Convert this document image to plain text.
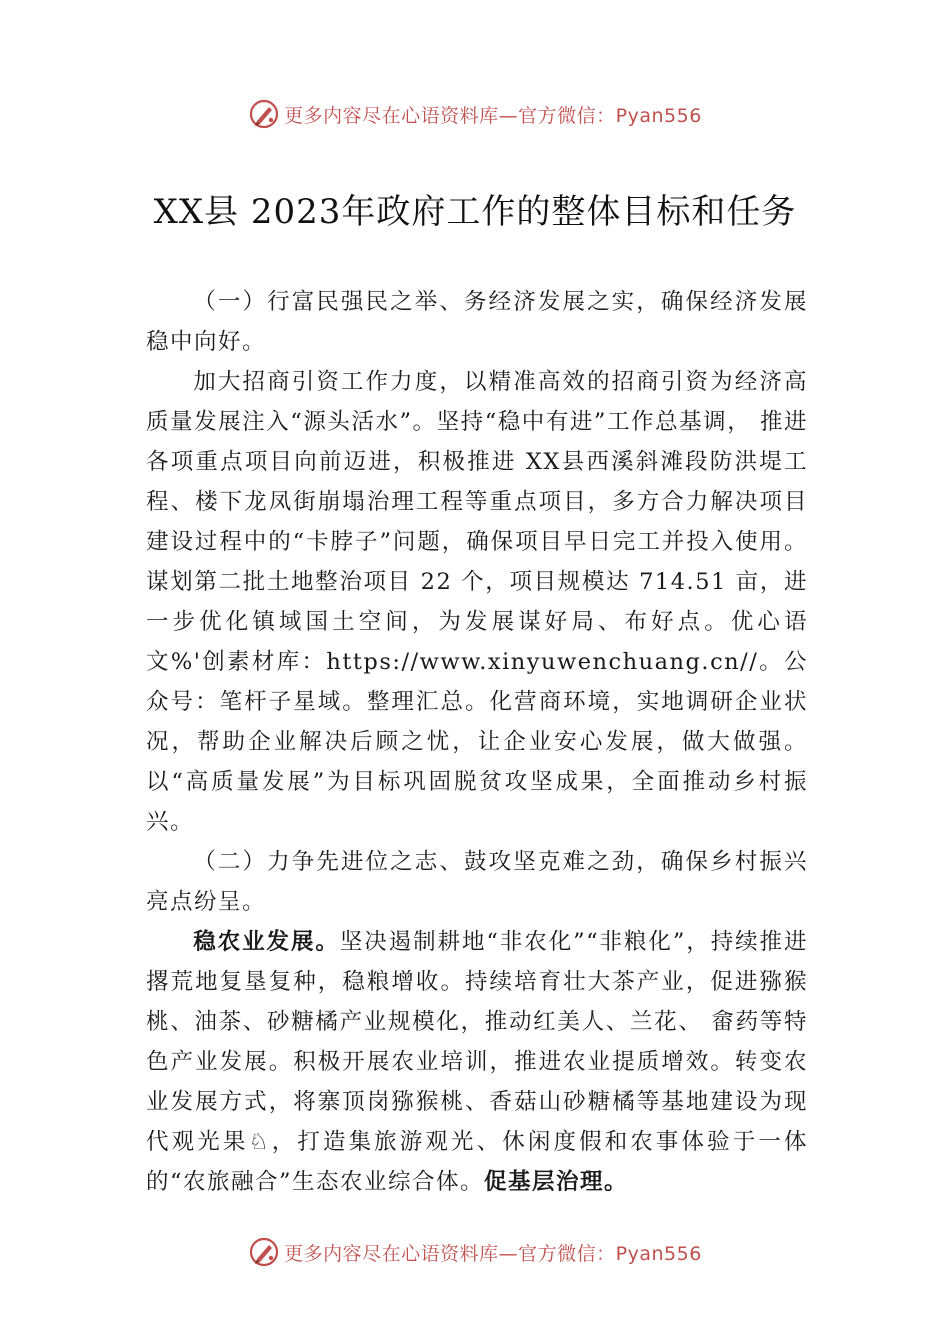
更多内容尽在心语资料库—官方微信：Pyan556
XX县 2023年政府工作的整体目标和任务

（一）行富民强民之举、务经济发展之实，确保经济发展稳中向好。

加大招商引资工作力度，以精准高效的招商引资为经济高质量发展注入“源头活水”。坚持“稳中有进”工作总基调， 推进各项重点项目向前迈进，积极推进 XX县西溪斜滩段防洪堤工程、楼下龙凤街崩塌治理工程等重点项目，多方合力解决项目建设过程中的“卡脖子”问题，确保项目早日完工并投入使用。谋划第二批土地整治项目 22 个，项目规模达 714.51 亩，进一步优化镇域国土空间，为发展谋好局、布好点。优心语文%'创素材库：https://www.xinyuwenchuang.cn//。公众号：笔杆子星域。整理汇总。化营商环境，实地调研企业状况，帮助企业解决后顾之忧，让企业安心发展，做大做强。以“高质量发展”为目标巩固脱贫攻坚成果，全面推动乡村振兴。

（二）力争先进位之志、鼓攻坚克难之劲，确保乡村振兴亮点纷呈。

稳农业发展。坚决遏制耕地“非农化”“非粮化”，持续推进撂荒地复垦复种，稳粮增收。持续培育壮大茶产业，促进猕猴桃、油茶、砂糖橘产业规模化，推动红美人、兰花、 畲药等特色产业发展。积极开展农业培训，推进农业提质增效。转变农业发展方式，将寨顶岗猕猴桃、香菇山砂糖橘等基地建设为现代观光果♘，打造集旅游观光、休闲度假和农事体验于一体的“农旅融合”生态农业综合体。促基层治理。

更多内容尽在心语资料库—官方微信：Pyan556
